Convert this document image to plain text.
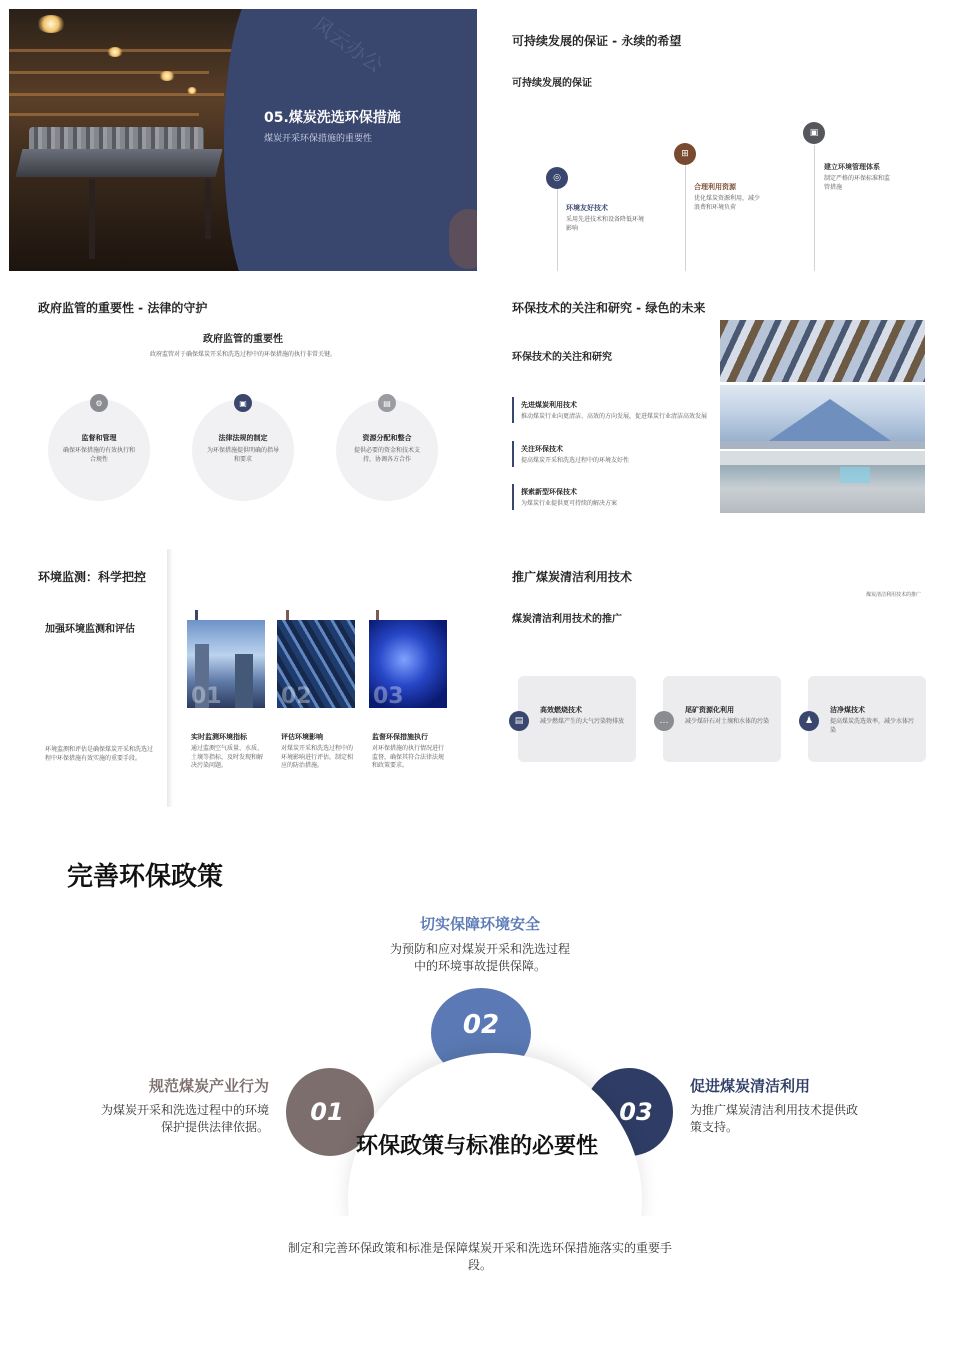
风云办公
05.煤炭洗选环保措施
煤炭开采环保措施的重要性
可持续发展的保证 - 永续的希望
可持续发展的保证
◎
⊞
▣
环境友好技术
采用先进技术和设备降低环境影响
合理利用资源
优化煤炭资源利用，减少浪费和环境负荷
建立环境管理体系
制定严格的环保标准和监管措施
政府监管的重要性 - 法律的守护
政府监管的重要性
政府监管对于确保煤炭开采和洗选过程中的环保措施的执行非常关键。
⚙	▣	▤
监督和管理
确保环保措施的有效执行和合规性
法律法规的制定
为环保措施提供明确的指导和要求
资源分配和整合
提供必要的资金和技术支持，协调各方合作
环保技术的关注和研究 - 绿色的未来
环保技术的关注和研究
先进煤炭利用技术
推动煤炭行业向更清洁、高效的方向发展，促进煤炭行业清洁高效发展
关注环保技术
提高煤炭开采和洗选过程中的环境友好性
探索新型环保技术
为煤炭行业提供更可持续的解决方案
环境监测：科学把控
加强环境监测和评估
环境监测和评估是确保煤炭开采和洗选过程中环保措施有效实施的重要手段。
01	02	03
实时监测环境指标
通过监测空气质量、水质、土壤等指标，及时发现和解决污染问题。
评估环境影响
对煤炭开采和洗选过程中的环境影响进行评估，制定相应的防治措施。
监督环保措施执行
对环保措施的执行情况进行监督，确保其符合法律法规和政策要求。
推广煤炭清洁利用技术
煤炭清洁利用技术的推广
煤炭清洁利用技术的推广
▤	…	♟
高效燃烧技术
减少燃煤产生的大气污染物排放
尾矿资源化利用
减少煤矸石对土壤和水体的污染
洁净煤技术
提高煤炭洗选效率，减少水体污染
完善环保政策
切实保障环境安全
为预防和应对煤炭开采和洗选过程中的环境事故提供保障。
02
01	03
环保政策与标准的必要性
规范煤炭产业行为
为煤炭开采和洗选过程中的环境保护提供法律依据。
促进煤炭清洁利用
为推广煤炭清洁利用技术提供政策支持。
制定和完善环保政策和标准是保障煤炭开采和洗选环保措施落实的重要手段。
